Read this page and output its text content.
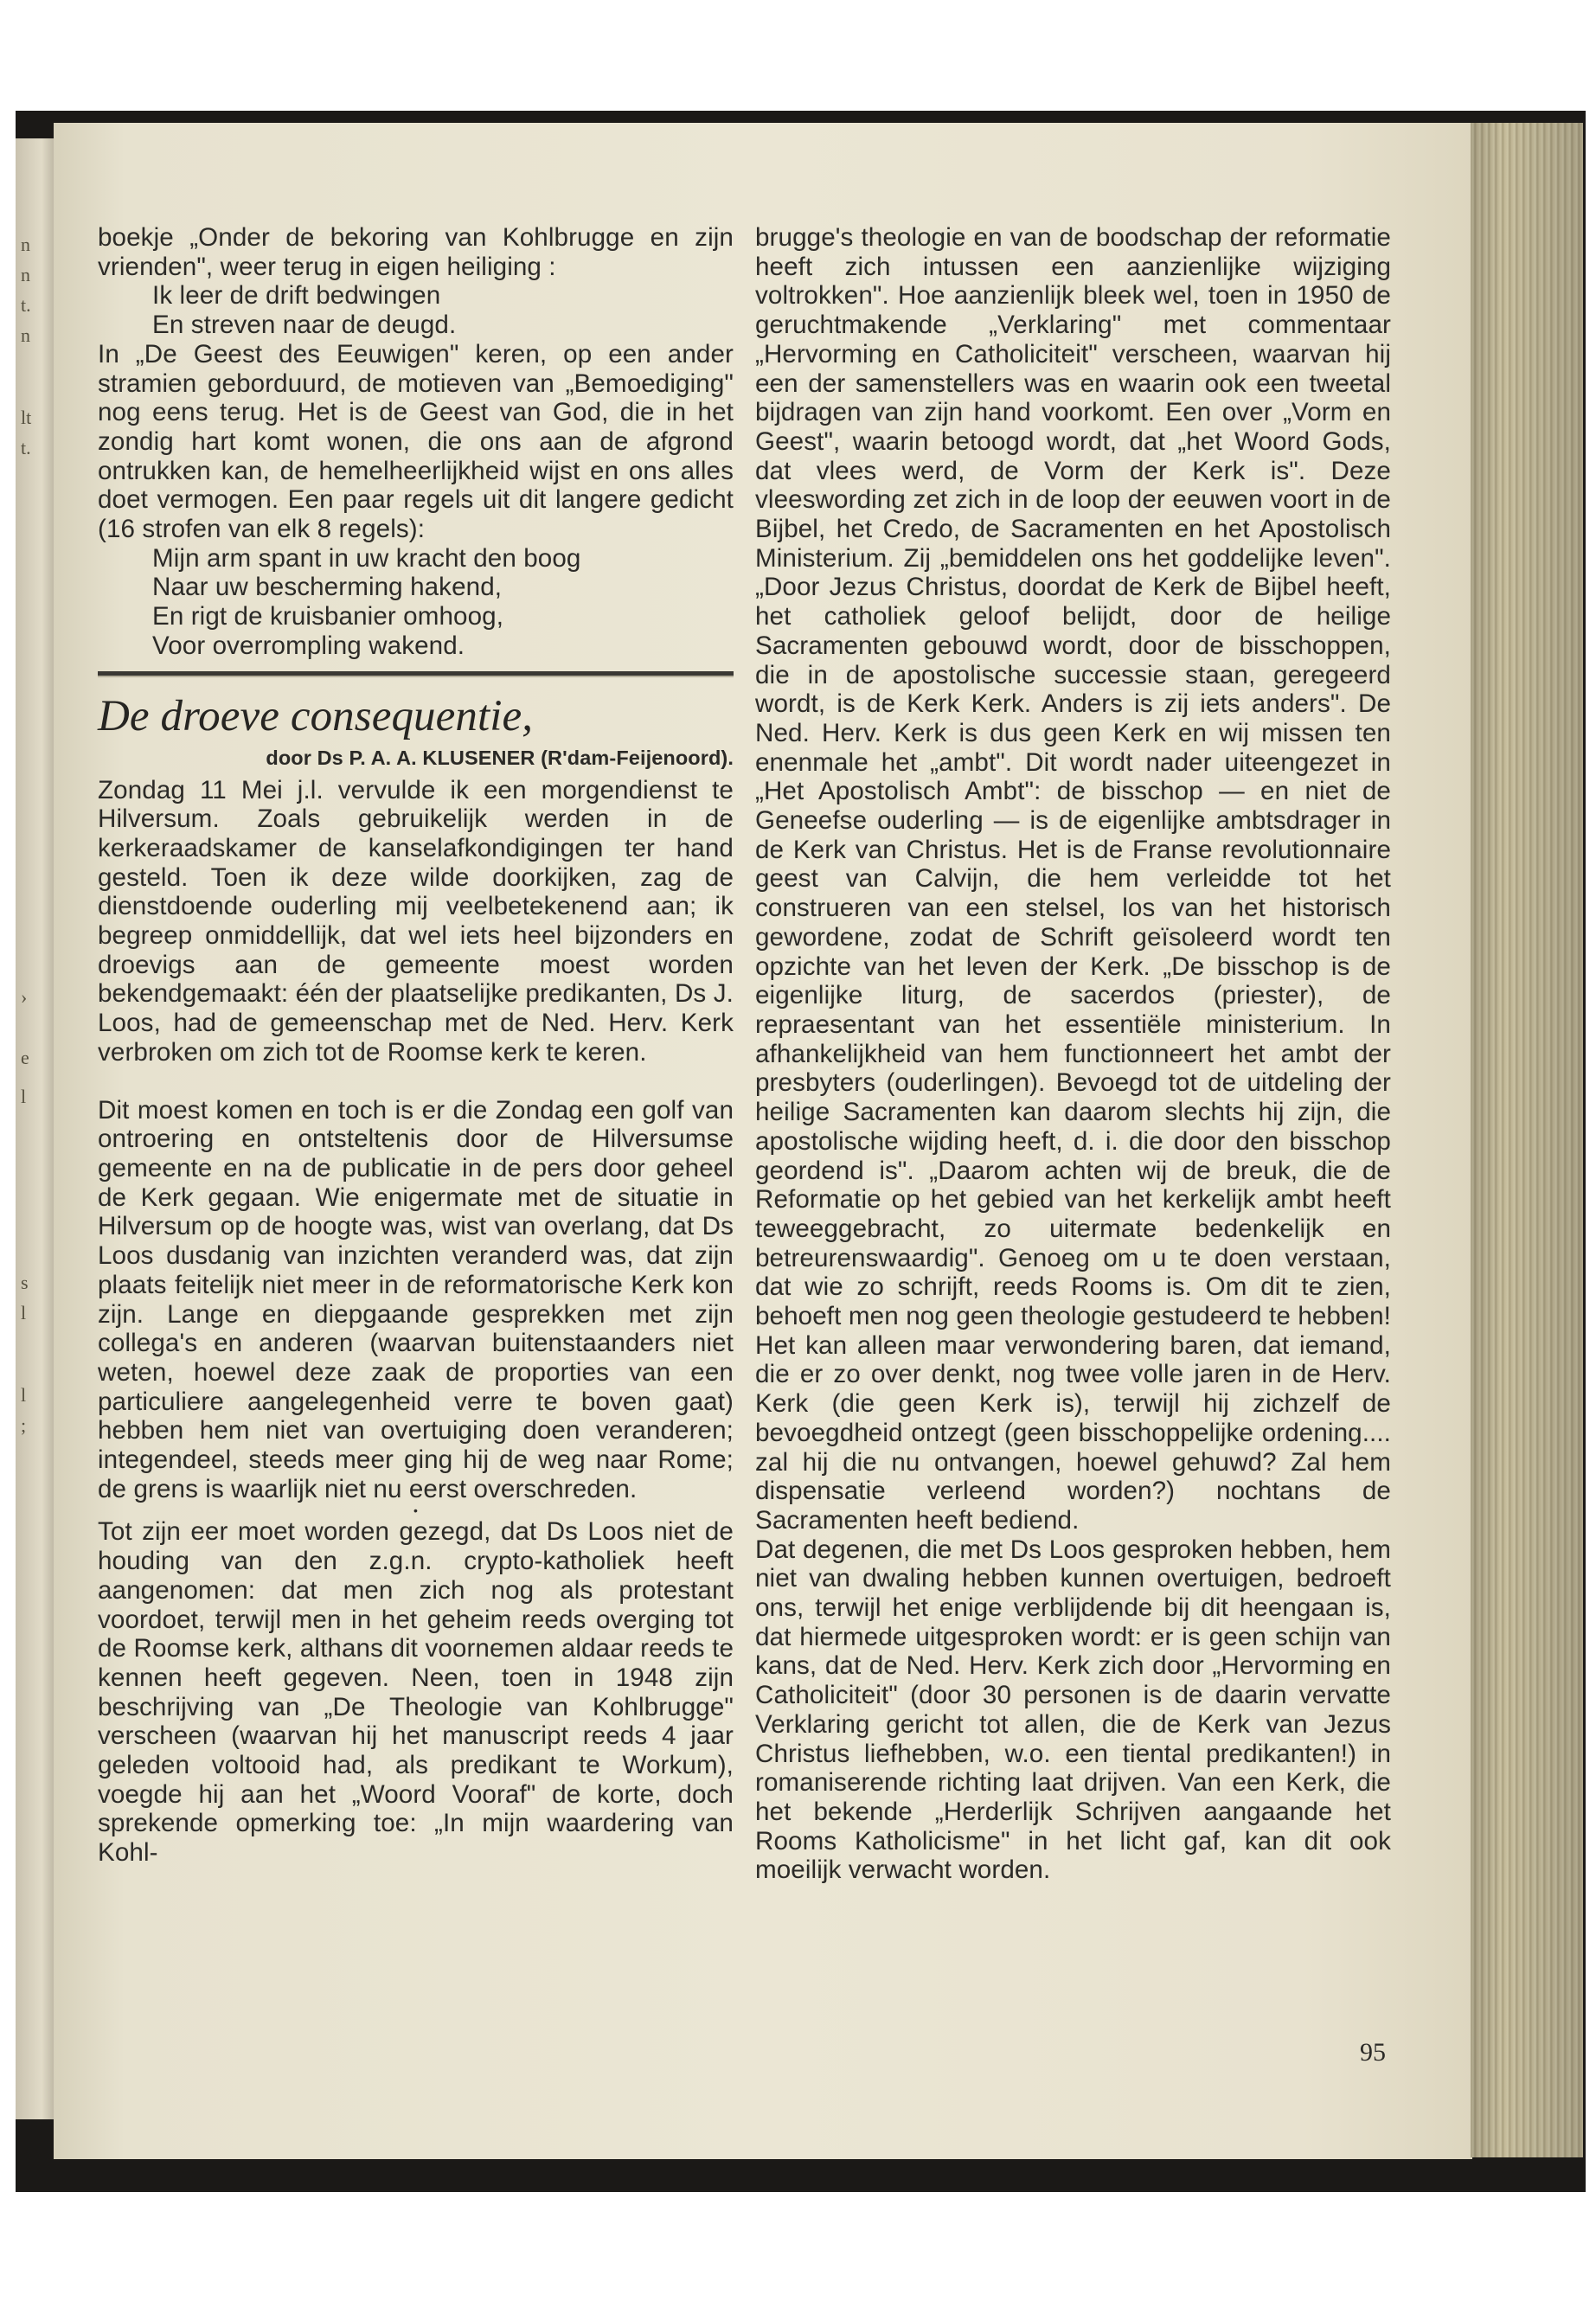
n
n
t.
n
lt
t.
›
e
l
s
l
l
;

boekje „Onder de bekoring van Kohlbrugge en zijn vrienden", weer terug in eigen heiliging :

Ik leer de drift bedwingen
En streven naar de deugd.

In „De Geest des Eeuwigen" keren, op een ander stramien geborduurd, de motieven van „Bemoediging" nog eens terug. Het is de Geest van God, die in het zondig hart komt wonen, die ons aan de afgrond ontrukken kan, de hemelheerlijkheid wijst en ons alles doet vermogen. Een paar regels uit dit langere gedicht (16 strofen van elk 8 regels):

Mijn arm spant in uw kracht den boog
Naar uw bescherming hakend,
En rigt de kruisbanier omhoog,
Voor overrompling wakend.
De droeve consequentie,
door Ds P. A. A. KLUSENER (R'dam-Feijenoord).

Zondag 11 Mei j.l. vervulde ik een morgendienst te Hilversum. Zoals gebruikelijk werden in de kerkeraadskamer de kanselafkondigingen ter hand gesteld. Toen ik deze wilde doorkijken, zag de dienstdoende ouderling mij veelbetekenend aan; ik begreep onmiddellijk, dat wel iets heel bijzonders en droevigs aan de gemeente moest worden bekendgemaakt: één der plaatselijke predikanten, Ds J. Loos, had de gemeenschap met de Ned. Herv. Kerk verbroken om zich tot de Roomse kerk te keren.

Dit moest komen en toch is er die Zondag een golf van ontroering en ontsteltenis door de Hilversumse gemeente en na de publicatie in de pers door geheel de Kerk gegaan. Wie enigermate met de situatie in Hilversum op de hoogte was, wist van overlang, dat Ds Loos dusdanig van inzichten veranderd was, dat zijn plaats feitelijk niet meer in de reformatorische Kerk kon zijn. Lange en diepgaande gesprekken met zijn collega's en anderen (waarvan buitenstaanders niet weten, hoewel deze zaak de proporties van een particuliere aangelegenheid verre te boven gaat) hebben hem niet van overtuiging doen veranderen; integendeel, steeds meer ging hij de weg naar Rome; de grens is waarlijk niet nu eerst overschreden.

•

Tot zijn eer moet worden gezegd, dat Ds Loos niet de houding van den z.g.n. crypto-katholiek heeft aangenomen: dat men zich nog als protestant voordoet, terwijl men in het geheim reeds overging tot de Roomse kerk, althans dit voornemen aldaar reeds te kennen heeft gegeven. Neen, toen in 1948 zijn beschrijving van „De Theologie van Kohlbrugge" verscheen (waarvan hij het manuscript reeds 4 jaar geleden voltooid had, als predikant te Workum), voegde hij aan het „Woord Vooraf" de korte, doch sprekende opmerking toe: „In mijn waardering van Kohl-

brugge's theologie en van de boodschap der reformatie heeft zich intussen een aanzienlijke wijziging voltrokken". Hoe aanzienlijk bleek wel, toen in 1950 de geruchtmakende „Verklaring" met commentaar „Hervorming en Catholiciteit" verscheen, waarvan hij een der samenstellers was en waarin ook een tweetal bijdragen van zijn hand voorkomt. Een over „Vorm en Geest", waarin betoogd wordt, dat „het Woord Gods, dat vlees werd, de Vorm der Kerk is". Deze vleeswording zet zich in de loop der eeuwen voort in de Bijbel, het Credo, de Sacramenten en het Apostolisch Ministerium. Zij „bemiddelen ons het goddelijke leven". „Door Jezus Christus, doordat de Kerk de Bijbel heeft, het catholiek geloof belijdt, door de heilige Sacramenten gebouwd wordt, door de bisschoppen, die in de apostolische successie staan, geregeerd wordt, is de Kerk Kerk. Anders is zij iets anders". De Ned. Herv. Kerk is dus geen Kerk en wij missen ten enenmale het „ambt". Dit wordt nader uiteengezet in „Het Apostolisch Ambt": de bisschop — en niet de Geneefse ouderling — is de eigenlijke ambtsdrager in de Kerk van Christus. Het is de Franse revolutionnaire geest van Calvijn, die hem verleidde tot het construeren van een stelsel, los van het historisch gewordene, zodat de Schrift geïsoleerd wordt ten opzichte van het leven der Kerk. „De bisschop is de eigenlijke liturg, de sacerdos (priester), de repraesentant van het essentiële ministerium. In afhankelijkheid van hem functionneert het ambt der presbyters (ouderlingen). Bevoegd tot de uitdeling der heilige Sacramenten kan daarom slechts hij zijn, die apostolische wijding heeft, d. i. die door den bisschop geordend is". „Daarom achten wij de breuk, die de Reformatie op het gebied van het kerkelijk ambt heeft teweeggebracht, zo uitermate bedenkelijk en betreurenswaardig". Genoeg om u te doen verstaan, dat wie zo schrijft, reeds Rooms is. Om dit te zien, behoeft men nog geen theologie gestudeerd te hebben! Het kan alleen maar verwondering baren, dat iemand, die er zo over denkt, nog twee volle jaren in de Herv. Kerk (die geen Kerk is), terwijl hij zichzelf de bevoegdheid ontzegt (geen bisschoppelijke ordening.... zal hij die nu ontvangen, hoewel gehuwd? Zal hem dispensatie verleend worden?) nochtans de Sacramenten heeft bediend.

Dat degenen, die met Ds Loos gesproken hebben, hem niet van dwaling hebben kunnen overtuigen, bedroeft ons, terwijl het enige verblijdende bij dit heengaan is, dat hiermede uitgesproken wordt: er is geen schijn van kans, dat de Ned. Herv. Kerk zich door „Hervorming en Catholiciteit" (door 30 personen is de daarin vervatte Verklaring gericht tot allen, die de Kerk van Jezus Christus liefhebben, w.o. een tiental predikanten!) in romaniserende richting laat drijven. Van een Kerk, die het bekende „Herderlijk Schrijven aangaande het Rooms Katholicisme" in het licht gaf, kan dit ook moeilijk verwacht worden.

95
